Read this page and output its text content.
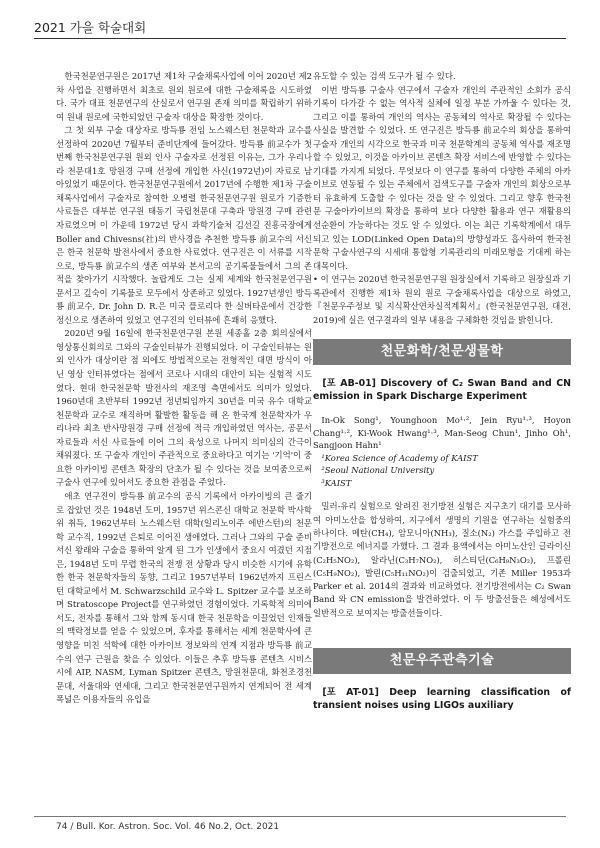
2021 가을 학술대회

한국천문연구원은 2017년 제1차 구술채록사업에 이어 2020년 제2차 사업을 진행하면서 최초로 원외 원로에 대한 구술채록을 시도하였다. 국가 대표 천문연구의 산실로서 연구원 존재 의미를 확립하기 위하여 원내 원로에 국한되었던 구술자 대상을 확장한 것이다.

그 첫 외부 구술 대상자로 방득룡 전임 노스웨스턴 천문학과 교수를 선정하여 2020년 7월부터 준비단계에 들어갔다. 방득룡 前교수가 첫 번째 한국천문연구원 원외 인사 구술자로 선정된 이유는, 그가 우리나라 천문대1호 망원경 구매 선정에 개입한 사신(1972년)이 자료로 남아있었기 때문이다. 한국천문연구원에서 2017년에 수행한 제1차 구술채록사업에서 구술자로 참여한 오병렬 한국천문연구원 원로가 기증한 사료들은 대부분 연구원 태동기 국립천문대 구축과 망원경 구매 관련 자료였으며 이 가운데 1972년 당시 과학기술처 김선길 진흥국장에게 Boller and Chivesns(社)의 반사경을 추천한 방득룡 前교수의 서신은 한국 천문학 발전사에서 중요한 사료였다. 연구진은 이 서류를 시작으로, 방득룡 前교수의 생존 여부와 본서고의 공기록물들에서 그의 존적을 찾아가기 시작했다. 놀랍게도 그는 실제 세계와 한국천문연구원 문서고 깊숙이 기록물로 모두에서 상존하고 있었다. 1927년생인 방득룡 前교수, Dr. John D. R.은 미국 플로리다 한 실버타운에서 건강한 정신으로 생존하여 있었고 연구진의 인터뷰에 흔쾌히 응했다.

2020년 9월 16일에 한국천문연구원 본원 세종홀 2층 회의실에서 영상통신회의로 그와의 구술인터뷰가 진행되었다. 이 구술인터뷰는 원외 인사가 대상이란 점 외에도 방법적으로는 전형적인 대면 방식이 아닌 영상 인터뷰였다는 점에서 코로나 시대의 대안이 되는 실험적 시도였다. 현대 한국천문학 발전사의 재조명 측면에서도 의미가 있었다. 1960년대 초반부터 1992년 정년퇴임까지 30년을 미국 유수 대학교 천문학과 교수로 재직하며 활발한 활동을 해 온 한국계 천문학자가 우리나라 최초 반사망원경 구매 선정에 적극 개입하였던 역사는, 공문서 자료들과 서신 사료들에 이어 그의 육성으로 나머지 의미심의 간극이 채워졌다. 또 구술자 개인이 주관적으로 중요하다고 여기는 '기억'이 중요한 아카이빙 콘텐츠 확장의 단초가 될 수 있다는 것을 보여줌으로써 구술사 연구에 있어서도 중요한 관점을 주었다.

애초 연구진이 방득룡 前교수의 공식 기록에서 아카이빙의 큰 줄기로 잡았던 것은 1948년 도미, 1957년 위스콘신 대학교 천문학 박사학위 취득, 1962년부터 노스웨스턴 대학(일리노이주 에반스턴)의 천문학 교수직, 1992년 은퇴로 이어진 생애였다. 그러나 그와의 구술 준비 서신 왕래와 구술을 통하여 알게 된 그가 인생에서 중요시 여겼던 지점은, 1948년 도미 무렵 한국의 전쟁 전 상황과 당시 비슷한 시기에 유학한 한국 천문학자들의 동향, 그리고 1957년부터 1962년까지 프린스턴 대학교에서 M. Schwarzschild 교수와 L. Spitzer 교수를 보조하며 Stratoscope Project를 연구하였던 경험이었다. 기록학적 의미에서도, 전자를 통해서 그와 함께 동시대 한국 천문학을 이끌었던 인재들의 맥락정보를 얻을 수 있었으며, 후자를 통해서는 세계 천문학사에 큰 영향을 미친 석학에 대한 아카이브 정보와의 연계 지점과 방득룡 前교수의 연구 근원을 찾을 수 있었다. 이들은 추후 방득룡 콘텐츠 시비스 시에 AIP, NASM, Lyman Spitzer 콘텐츠, 망원천문대, 화천조경천문대, 서울대와 연세대, 그리고 한국천문연구원까지 연계되어 전 세계 폭넓은 이용자들의 유입을

유도할 수 있는 검색 도구가 될 수 있다.

이번 방득룡 구술사 연구에서 구술자 개인의 주관적인 소회가 공식 기록이 다가갈 수 없는 역사적 실체에 일정 부분 가까울 수 있다는 것, 그리고 이를 통하여 개인의 역사는 공동체의 역사로 확장될 수 있다는 사실을 발견할 수 있었다. 또 연구진은 방득룡 前교수의 회상을 통하여 구술자 개인의 시각으로 한국과 미국 천문학계의 공동체 역사를 재조명할 수 있었고, 이것을 아카이브 콘텐츠 확장 서비스에 반영할 수 있다는 기대를 가지게 되었다. 무엇보다 이 연구를 통하여 다양한 주체의 아카이브로 연동될 수 있는 주체에서 검색도구를 구술자 개인의 회상으로부터 유효하게 도출할 수 있다는 것을 알 수 있었다. 그리고 향후 한국천문 구술아카이브의 확장을 통하여 보다 다양한 활용과 연구 재활용의 선순환이 가능하다는 것도 알 수 있었다. 이는 최근 기록학계에서 대두되고 있는 LOD(Linked Open Data)의 방향성과도 흡사하여 한국천문학 구술사연구의 시세대 통합형 기록관리의 미래모형을 기대케 하는 대목이다.

• 이 연구는 2020년 한국천문연구원 원장실에서 기록하고 원장실과 기록관에서 진행한 제1차 원외 원로 구술채록사업을 대상으로 하였고, 『천문우주정보 및 지식확산연차실적계획서』(한국천문연구원, 대전, 2019)에 실은 연구결과의 일부 내용을 구체화한 것임을 밝힌니다.

천문화학/천문생물학

[포 AB-01] Discovery of C₂ Swan Band and CN emission in Spark Discharge Experiment

In-Ok Song¹, Younghoon Mo¹·², Jein Ryu¹·³, Hoyon Chang¹·², Ki-Wook Hwang¹·³, Man-Seog Chun¹, Jinho Oh¹, Sangjoon Hahn¹

¹Korea Science of Academy of KAIST

²Seoul National University

³KAIST

밀러-유리 실험으로 알려진 전기방전 실험은 지구초기 대기를 모사하여 아미노산을 합성하여, 지구에서 생명의 기원을 연구하는 실험중의 하나이다. 메탄(CH₄), 암모니아(NH₃), 질소(N₂) 가스를 주입하고 전기방전으로 에너지를 가했다. 그 결과 용액에서는 아미노산인 글라이신(C₂H₅NO₂), 알라닌(C₃H₇NO₂), 히스티딘(C₆H₉N₃O₂), 프롤린(C₅H₉NO₂), 발린(C₅H₁₁NO₂)이 검출되었고, 기존 Miller 1953과 Parker et al. 2014의 결과와 비교하였다. 전기방전에서는 C₂ Swan Band 와 CN emission을 발견하였다. 이 두 방출선들은 혜성에서도 일반적으로 보여지는 방출선들이다.

천문우주관측기술

[포 AT-01] Deep learning classification of transient noises using LIGOs auxiliary

74 / Bull. Kor. Astron. Soc. Vol. 46 No.2, Oct. 2021
